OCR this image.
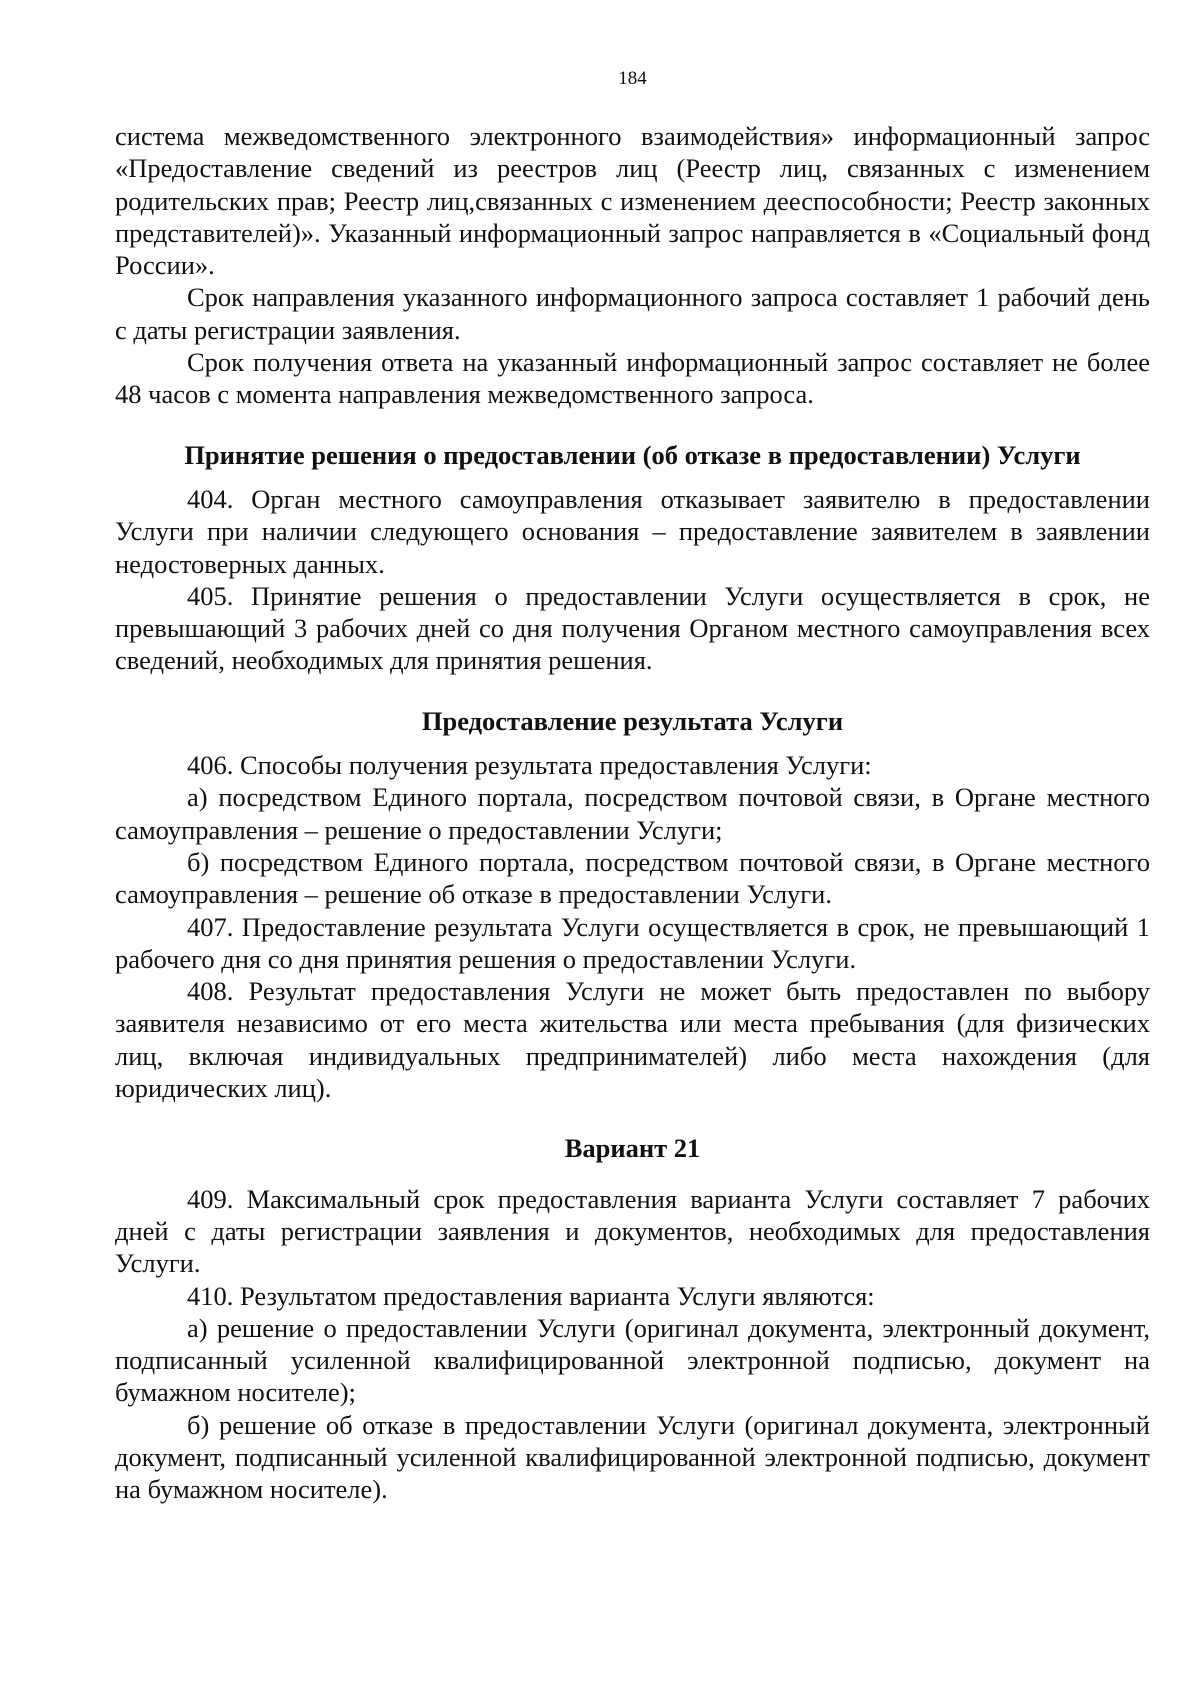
184

система межведомственного электронного взаимодействия» информационный запрос «Предоставление сведений из реестров лиц (Реестр лиц, связанных с изменением родительских прав; Реестр лиц,связанных с изменением дееспособности; Реестр законных представителей)». Указанный информационный запрос направляется в «Социальный фонд России».

Срок направления указанного информационного запроса составляет 1 рабочий день с даты регистрации заявления.

Срок получения ответа на указанный информационный запрос составляет не более 48 часов с момента направления межведомственного запроса.

Принятие решения о предоставлении (об отказе в предоставлении) Услуги

404. Орган местного самоуправления отказывает заявителю в предоставлении Услуги при наличии следующего основания – предоставление заявителем в заявлении недостоверных данных.

405. Принятие решения о предоставлении Услуги осуществляется в срок, не превышающий 3 рабочих дней со дня получения Органом местного самоуправления всех сведений, необходимых для принятия решения.

Предоставление результата Услуги

406. Способы получения результата предоставления Услуги:

а) посредством Единого портала, посредством почтовой связи, в Органе местного самоуправления – решение о предоставлении Услуги;

б) посредством Единого портала, посредством почтовой связи, в Органе местного самоуправления – решение об отказе в предоставлении Услуги.

407. Предоставление результата Услуги осуществляется в срок, не превышающий 1 рабочего дня со дня принятия решения о предоставлении Услуги.

408. Результат предоставления Услуги не может быть предоставлен по выбору заявителя независимо от его места жительства или места пребывания (для физических лиц, включая индивидуальных предпринимателей) либо места нахождения (для юридических лиц).

Вариант 21

409. Максимальный срок предоставления варианта Услуги составляет 7 рабочих дней с даты регистрации заявления и документов, необходимых для предоставления Услуги.

410. Результатом предоставления варианта Услуги являются:

а) решение о предоставлении Услуги (оригинал документа, электронный документ, подписанный усиленной квалифицированной электронной подписью, документ на бумажном носителе);

б) решение об отказе в предоставлении Услуги (оригинал документа, электронный документ, подписанный усиленной квалифицированной электронной подписью, документ на бумажном носителе).
